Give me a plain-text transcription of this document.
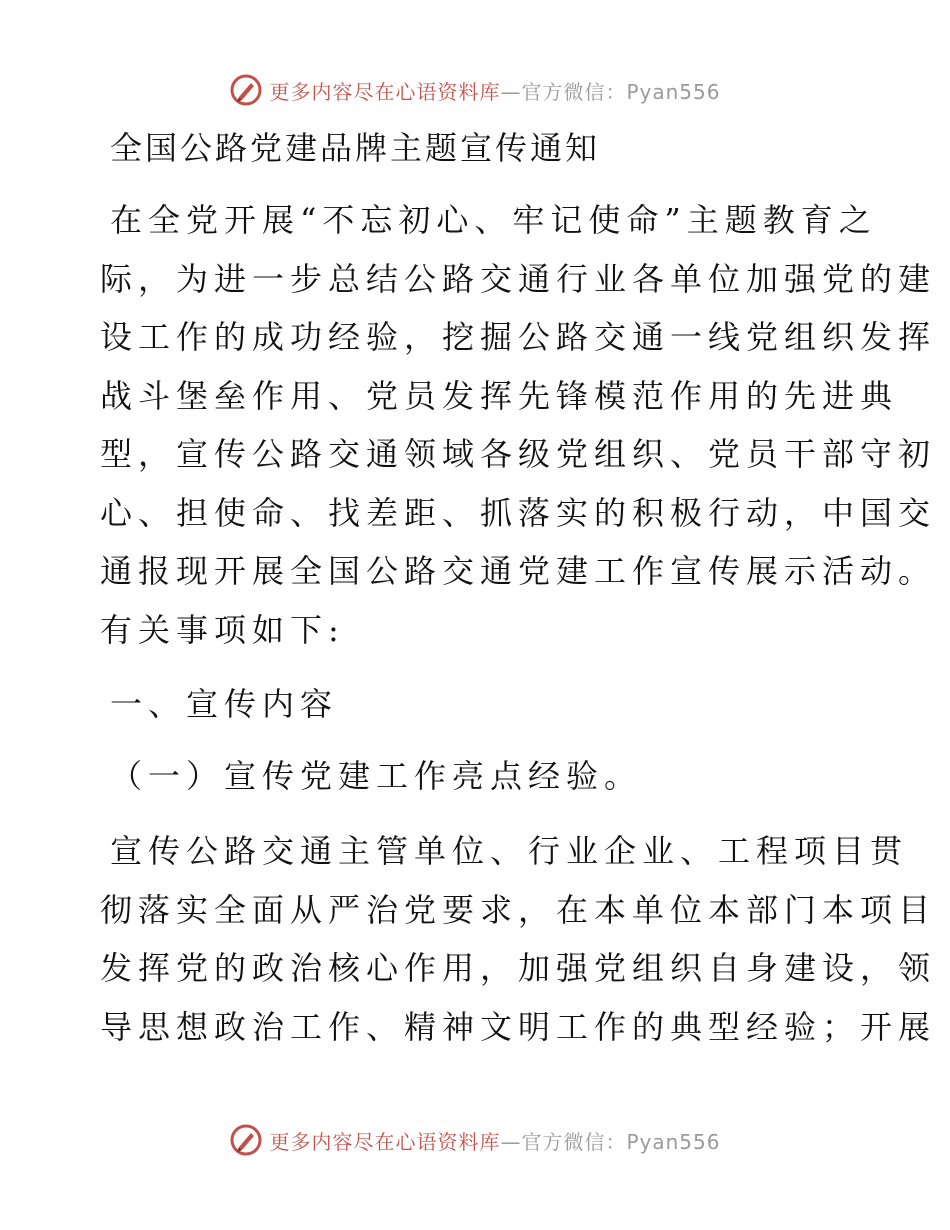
更多内容尽在心语资料库—官方微信：Pyan556
全国公路党建品牌主题宣传通知

在全党开展“不忘初心、牢记使命”主题教育之

际，为进一步总结公路交通行业各单位加强党的建

设工作的成功经验，挖掘公路交通一线党组织发挥

战斗堡垒作用、党员发挥先锋模范作用的先进典

型，宣传公路交通领域各级党组织、党员干部守初

心、担使命、找差距、抓落实的积极行动，中国交

通报现开展全国公路交通党建工作宣传展示活动。

有关事项如下:

一、宣传内容
（一）宣传党建工作亮点经验。

宣传公路交通主管单位、行业企业、工程项目贯

彻落实全面从严治党要求，在本单位本部门本项目

发挥党的政治核心作用，加强党组织自身建设，领

导思想政治工作、精神文明工作的典型经验；开展

更多内容尽在心语资料库—官方微信：Pyan556
